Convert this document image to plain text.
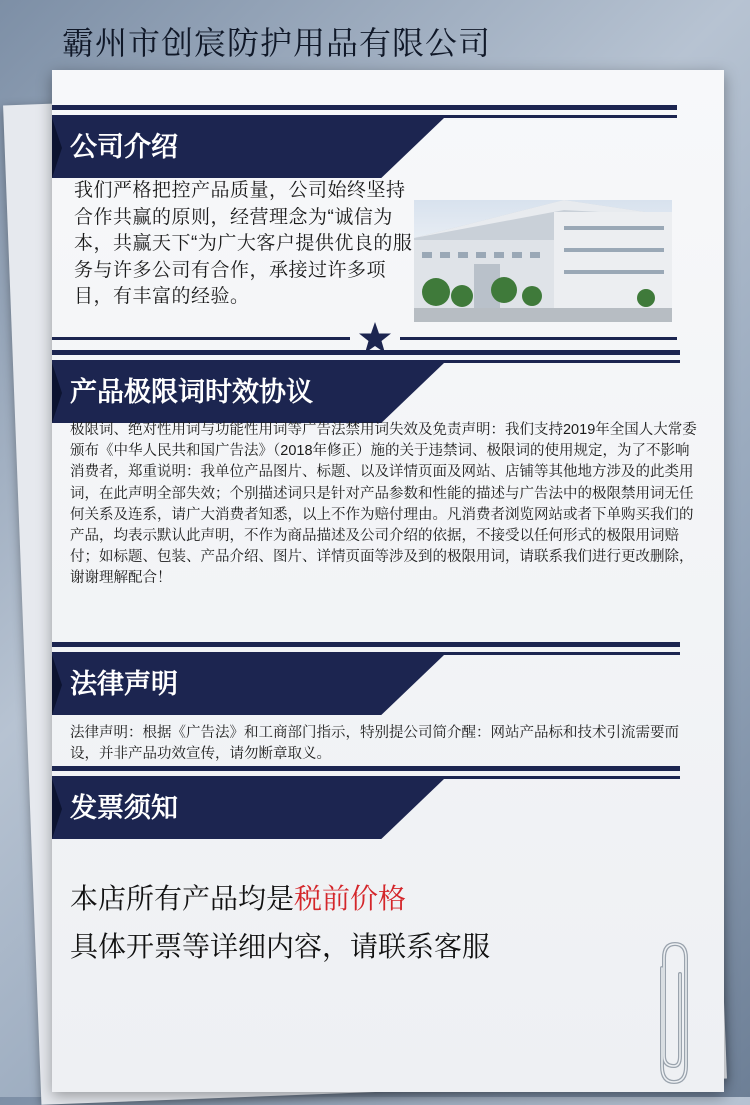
霸州市创宸防护用品有限公司
公司介绍

我们严格把控产品质量，公司始终坚持合作共赢的原则，经营理念为“诚信为本，共赢天下“为广大客户提供优良的服务与许多公司有合作，承接过许多项目，有丰富的经验。

产品极限词时效协议

极限词、绝对性用词与功能性用词等广告法禁用词失效及免责声明：我们支持2019年全国人大常委颁布《中华人民共和国广告法》（2018年修正）施的关于违禁词、极限词的使用规定，为了不影响消费者，郑重说明：我单位产品图片、标题、以及详情页面及网站、店铺等其他地方涉及的此类用词，在此声明全部失效；个别描述词只是针对产品参数和性能的描述与广告法中的极限禁用词无任何关系及连系，请广大消费者知悉，以上不作为赔付理由。凡消费者浏览网站或者下单购买我们的产品，均表示默认此声明，不作为商品描述及公司介绍的依据，不接受以任何形式的极限用词赔付；如标题、包装、产品介绍、图片、详情页面等涉及到的极限用词，请联系我们进行更改删除，谢谢理解配合！

法律声明

法律声明：根据《广告法》和工商部门指示，特别提公司简介醒：网站产品标和技术引流需要而设，并非产品功效宣传，请勿断章取义。

发票须知
本店所有产品均是税前价格
具体开票等详细内容，请联系客服
